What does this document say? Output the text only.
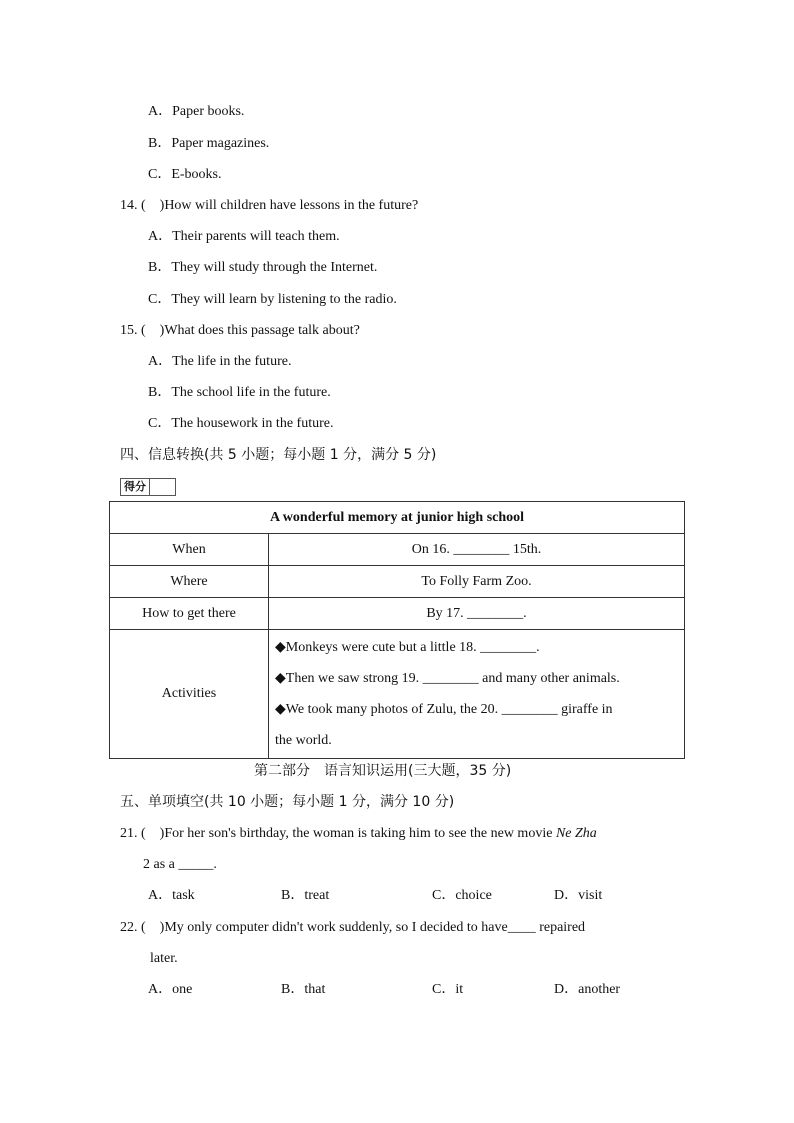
A．Paper books.
B．Paper magazines.
C．E-books.
14. (　)How will children have lessons in the future?
A．Their parents will teach them.
B．They will study through the Internet.
C．They will learn by listening to the radio.
15. (　)What does this passage talk about?
A．The life in the future.
B．The school life in the future.
C．The housework in the future.
四、信息转换(共 5 小题；每小题 1 分，满分 5 分)
得分
A wonderful memory at junior high school	
When	On 16. ________ 15th.
Where	To Folly Farm Zoo.
How to get there	By 17. ________.
Activities	◆Monkeys were cute but a little 18. ________.
◆Then we saw strong 19. ________ and many other animals.
◆We took many photos of Zulu, the 20. ________ giraffe in
the world.
第二部分　语言知识运用(三大题，35 分)
五、单项填空(共 10 小题；每小题 1 分，满分 10 分)
21. (　)For her son's birthday, the woman is taking him to see the new movie Ne Zha
2 as a _____.
A．task	B．treat	C．choice	D．visit
22. (　)My only computer didn't work suddenly, so I decided to have____ repaired
later.
A．one	B．that	C．it	D．another
